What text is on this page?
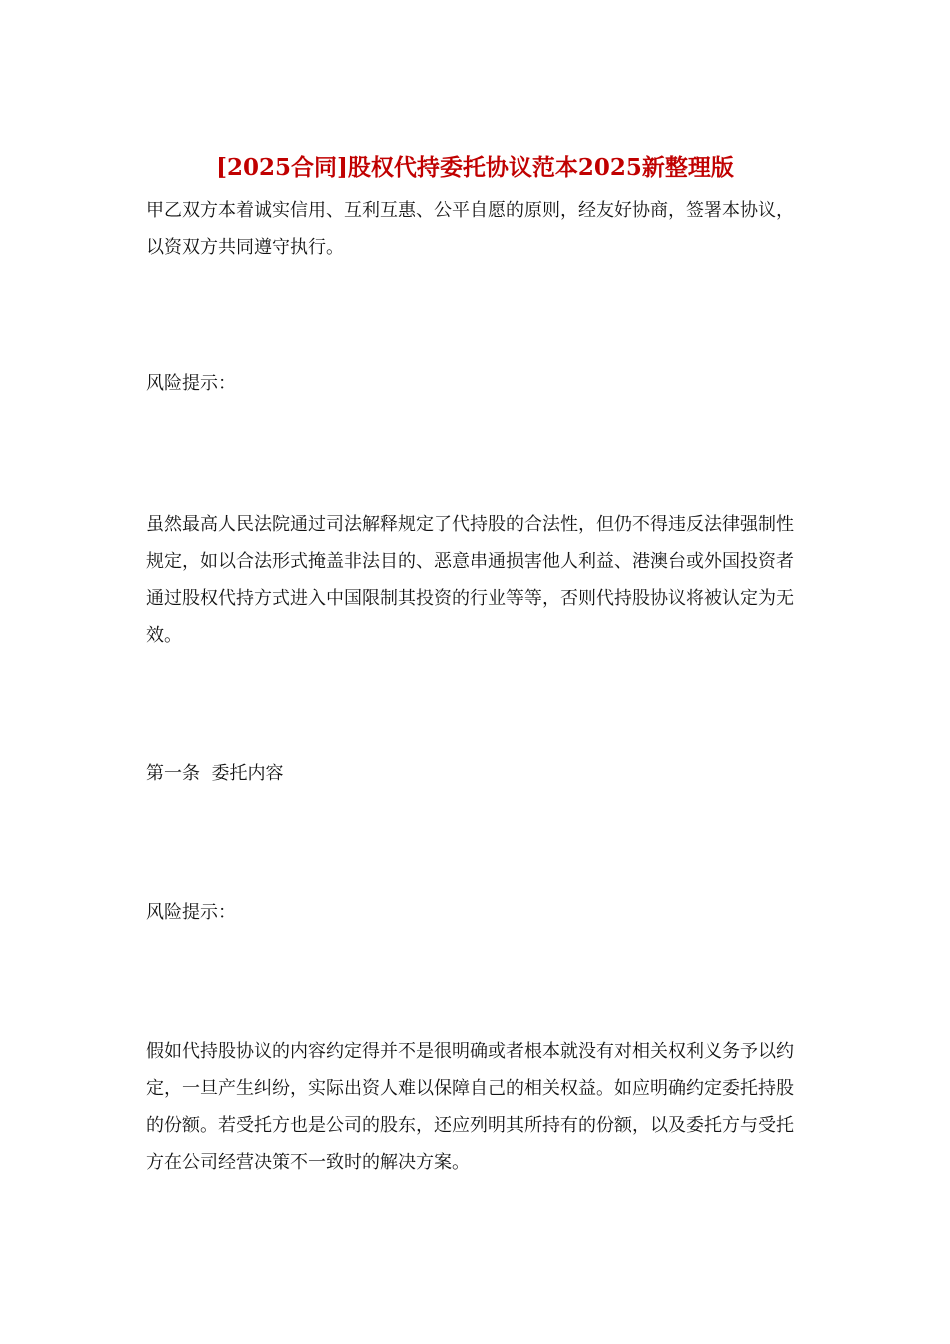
[2025合同]股权代持委托协议范本2025新整理版

甲乙双方本着诚实信用、互利互惠、公平自愿的原则，经友好协商，签署本协议，以资双方共同遵守执行。

风险提示：

虽然最高人民法院通过司法解释规定了代持股的合法性，但仍不得违反法律强制性规定，如以合法形式掩盖非法目的、恶意串通损害他人利益、港澳台或外国投资者通过股权代持方式进入中国限制其投资的行业等等，否则代持股协议将被认定为无效。

第一条  委托内容

风险提示：

假如代持股协议的内容约定得并不是很明确或者根本就没有对相关权利义务予以约定，一旦产生纠纷，实际出资人难以保障自己的相关权益。如应明确约定委托持股的份额。若受托方也是公司的股东，还应列明其所持有的份额，以及委托方与受托方在公司经营决策不一致时的解决方案。
